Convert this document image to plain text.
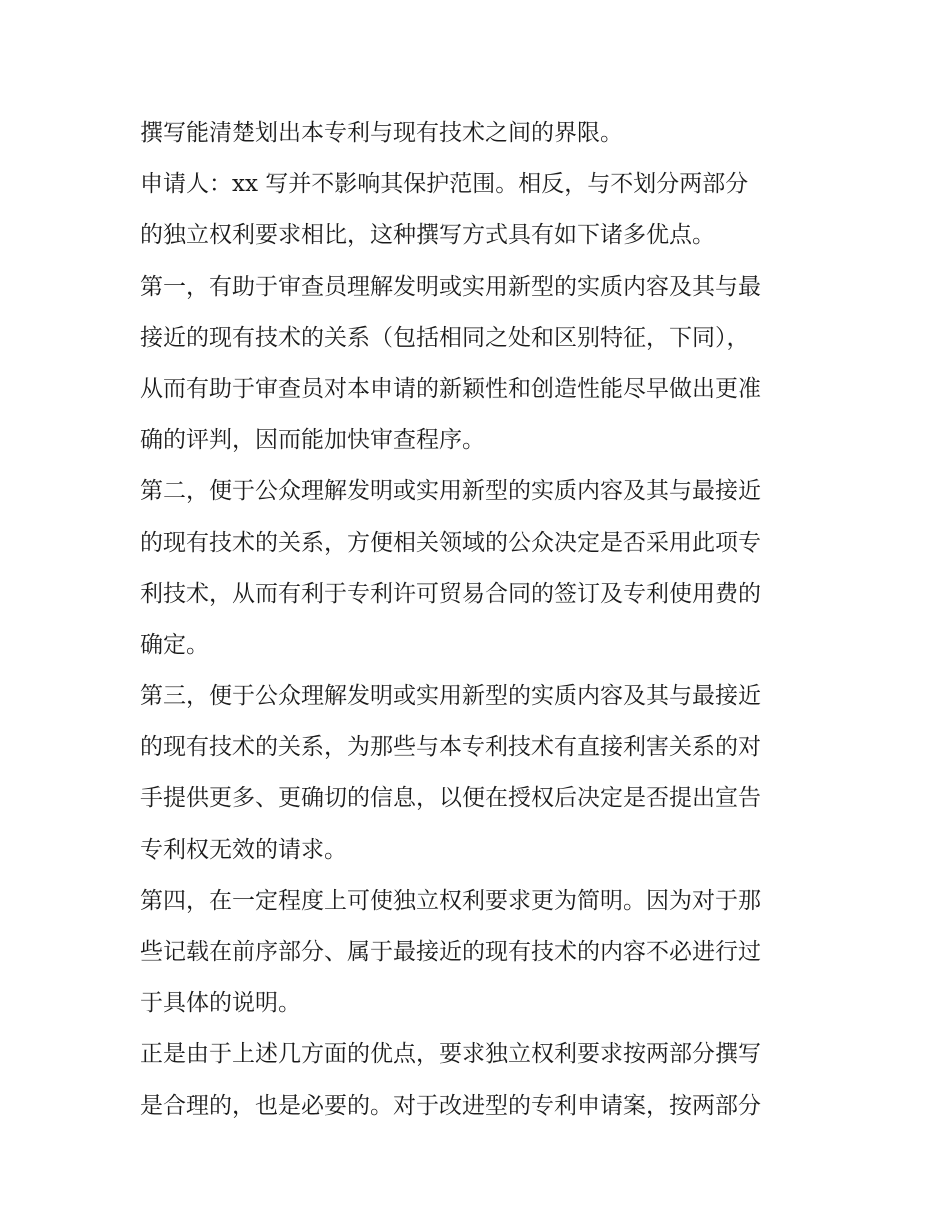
撰写能清楚划出本专利与现有技术之间的界限。
申请人：xx 写并不影响其保护范围。相反，与不划分两部分
的独立权利要求相比，这种撰写方式具有如下诸多优点。
第一，有助于审查员理解发明或实用新型的实质内容及其与最
接近的现有技术的关系（包括相同之处和区别特征，下同），
从而有助于审查员对本申请的新颖性和创造性能尽早做出更准
确的评判，因而能加快审查程序。
第二，便于公众理解发明或实用新型的实质内容及其与最接近
的现有技术的关系，方便相关领域的公众决定是否采用此项专
利技术，从而有利于专利许可贸易合同的签订及专利使用费的
确定。
第三，便于公众理解发明或实用新型的实质内容及其与最接近
的现有技术的关系，为那些与本专利技术有直接利害关系的对
手提供更多、更确切的信息，以便在授权后决定是否提出宣告
专利权无效的请求。
第四，在一定程度上可使独立权利要求更为简明。因为对于那
些记载在前序部分、属于最接近的现有技术的内容不必进行过
于具体的说明。
正是由于上述几方面的优点，要求独立权利要求按两部分撰写
是合理的，也是必要的。对于改进型的专利申请案，按两部分
